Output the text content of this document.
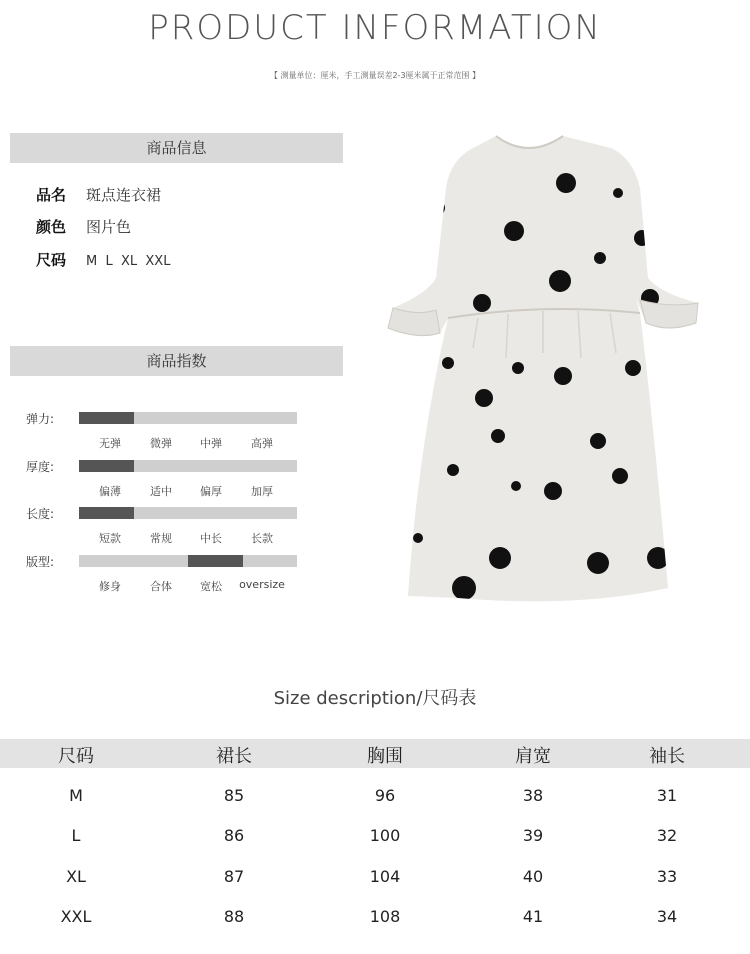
PRODUCT INFORMATION
【 测量单位：厘米，手工测量误差2-3厘米属于正常范围 】
商品信息
品名 斑点连衣裙
颜色 图片色
尺码 M  L  XL  XXL
商品指数
弹力:
无弹	微弹	中弹	高弹
厚度:
偏薄	适中	偏厚	加厚
长度:
短款	常规	中长	长款
版型:
修身	合体	宽松 oversize
Size description/尺码表
尺码	裙长	胸围	肩宽	袖长
M	85	96	38	31
L	86	100	39	32
XL	87	104	40	33
XXL	88	108	41	34
